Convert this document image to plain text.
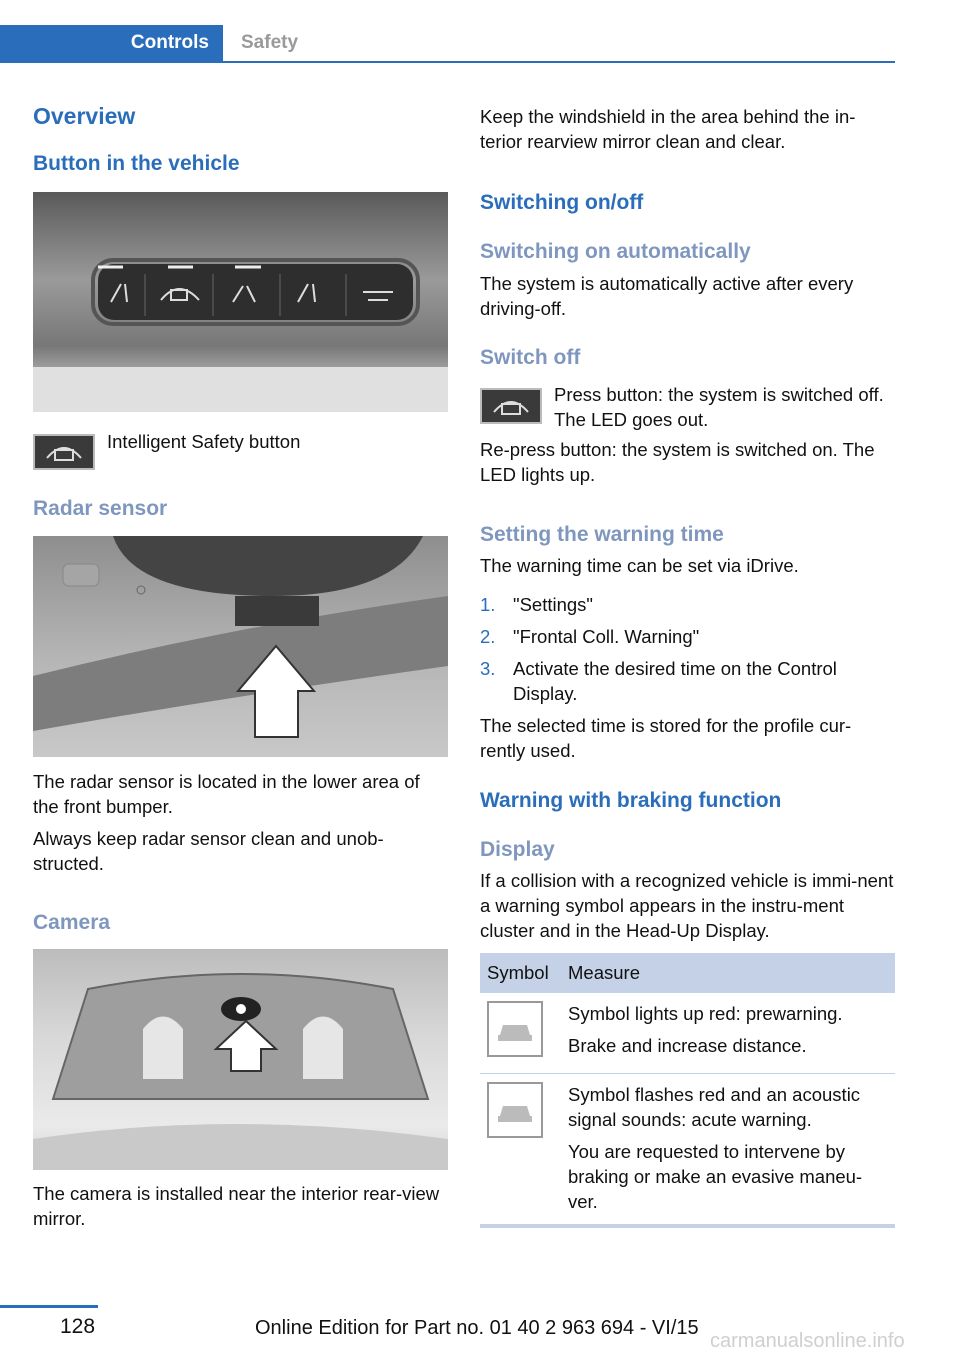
Controls	Safety
Overview
Button in the vehicle

Intelligent Safety button

Radar sensor

The radar sensor is located in the lower area of the front bumper.

Always keep radar sensor clean and unob-structed.

Camera

The camera is installed near the interior rear-view mirror.

Keep the windshield in the area behind the in-terior rearview mirror clean and clear.

Switching on/off
Switching on automatically

The system is automatically active after every driving-off.

Switch off

Press button: the system is switched off. The LED goes out.

Re-press button: the system is switched on. The LED lights up.

Setting the warning time

The warning time can be set via iDrive.

1. "Settings"
2. "Frontal Coll. Warning"
3. Activate the desired time on the Control Display.

The selected time is stored for the profile cur-rently used.

Warning with braking function
Display

If a collision with a recognized vehicle is immi-nent a warning symbol appears in the instru-ment cluster and in the Head-Up Display.

Symbol	Measure

Symbol lights up red: prewarning.
Brake and increase distance.

Symbol flashes red and an acoustic signal sounds: acute warning.
You are requested to intervene by braking or make an evasive maneu-ver.
128	Online Edition for Part no. 01 40 2 963 694 - VI/15
carmanualsonline.info
